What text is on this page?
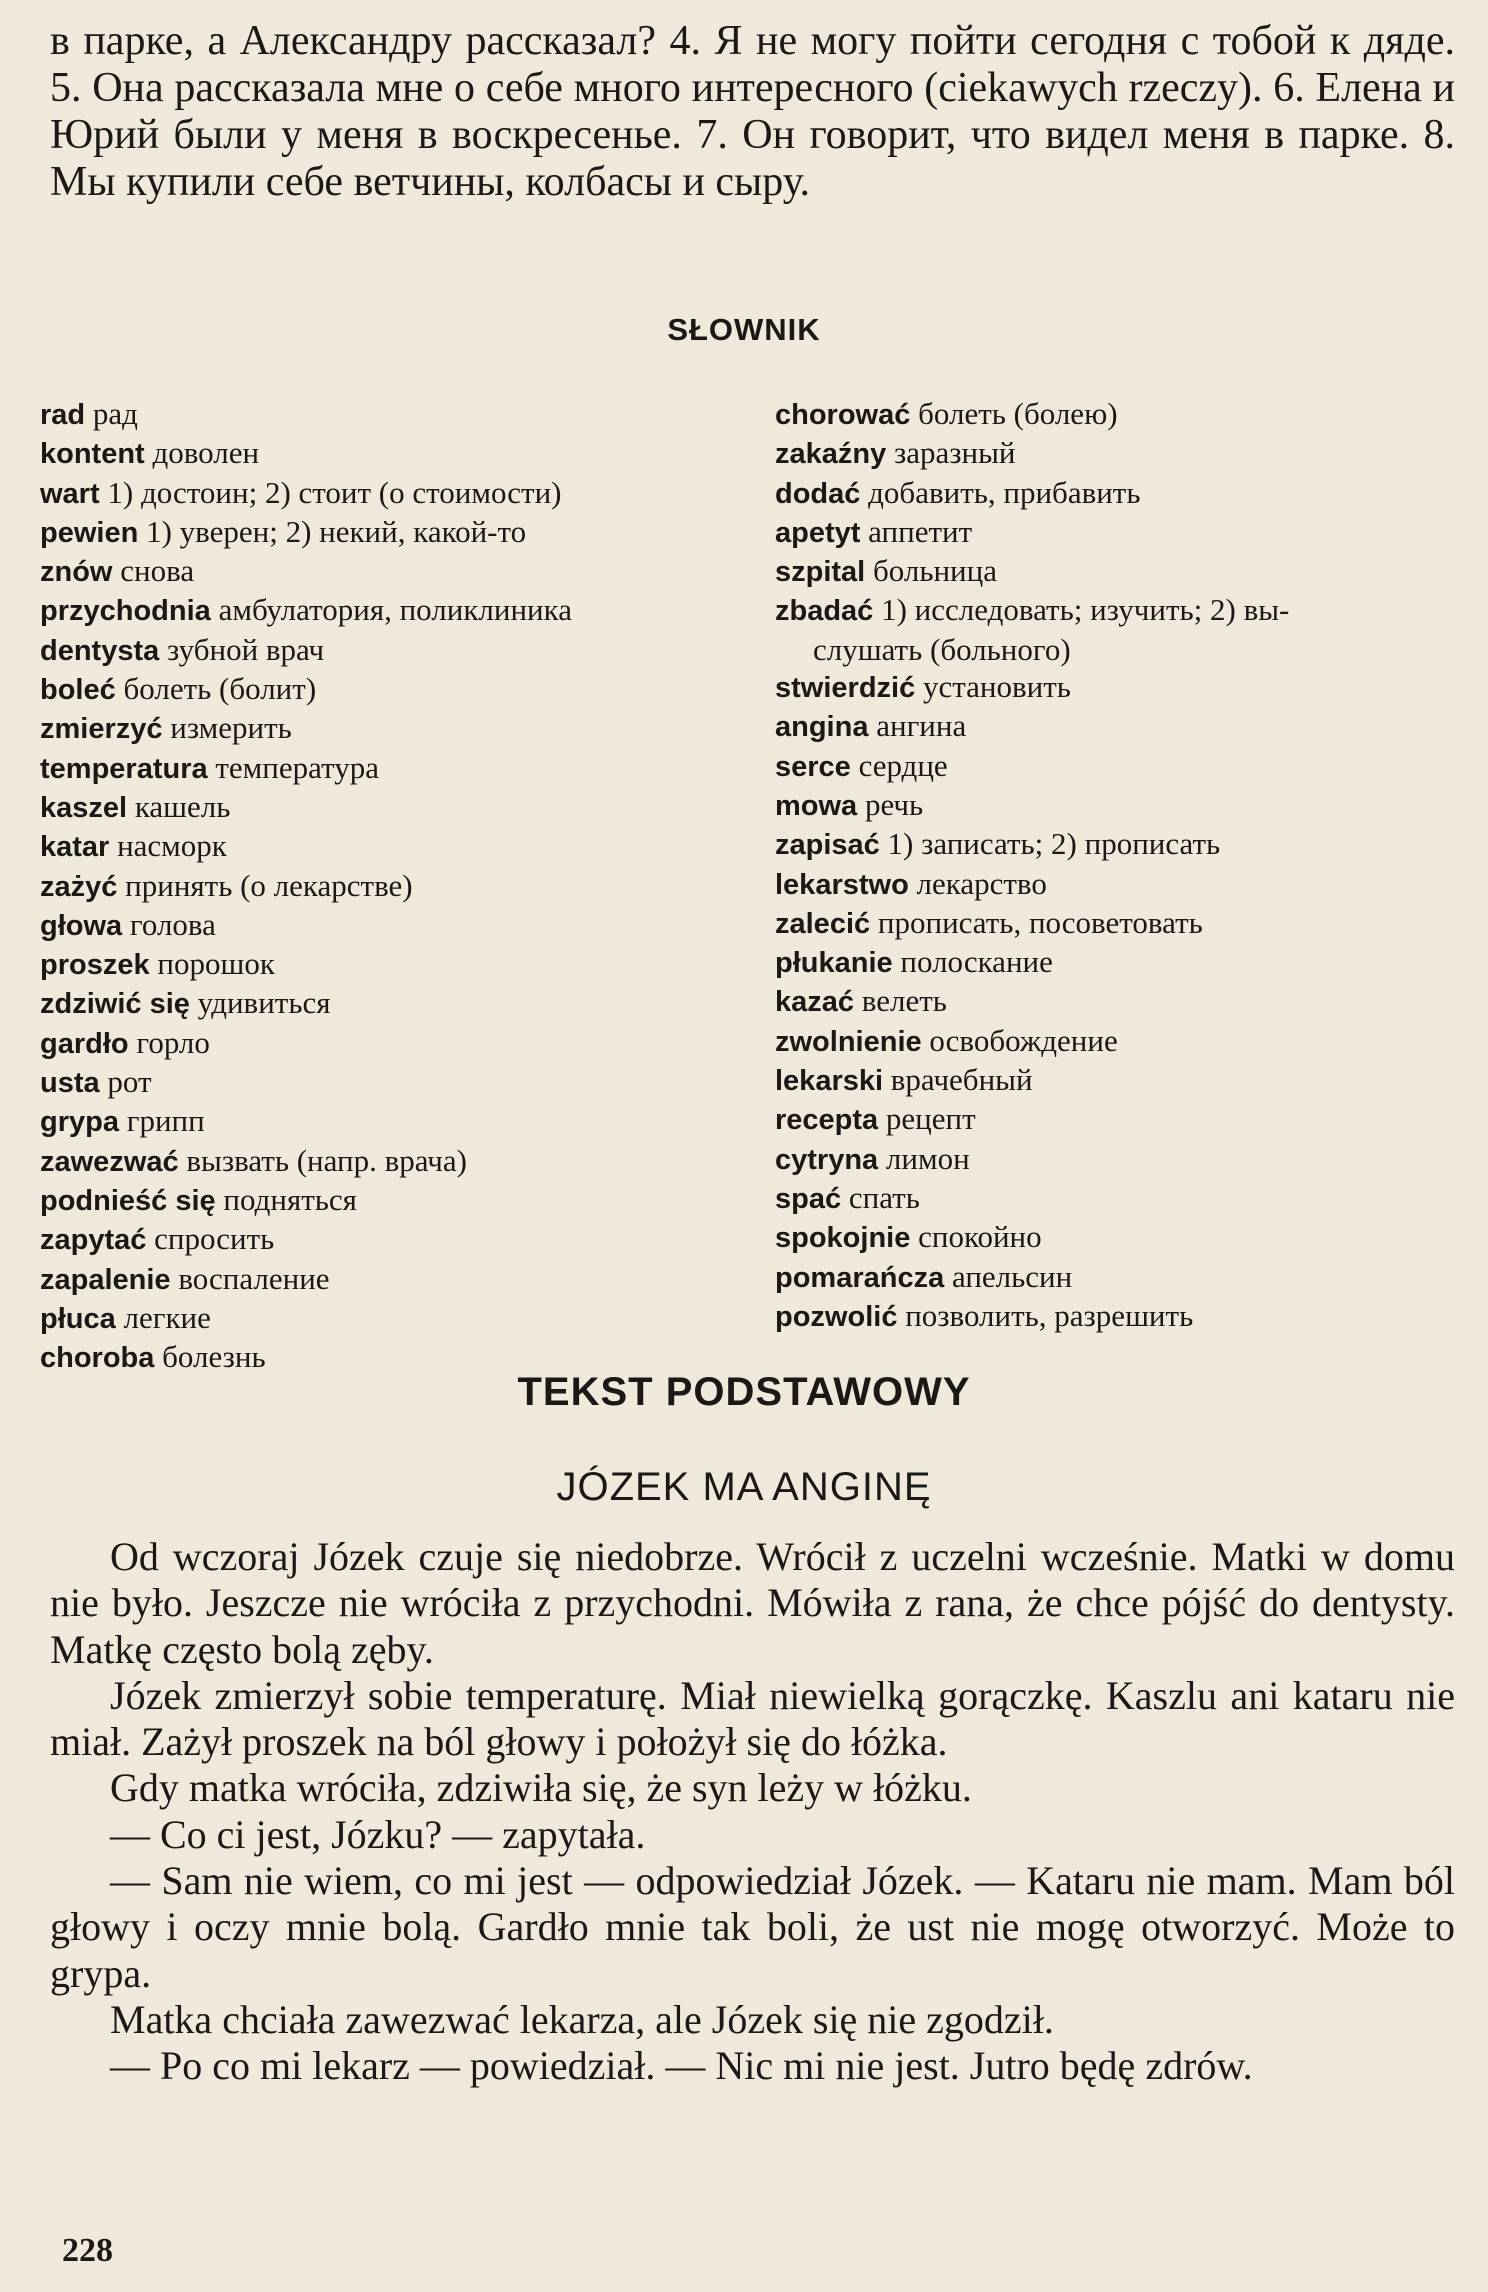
в парке, а Александру рассказал? 4. Я не могу пойти сегодня с тобой к дяде. 5. Она рассказала мне о себе много интересного (ciekawych rzeczy). 6. Елена и Юрий были у меня в воскресенье. 7. Он говорит, что видел меня в парке. 8. Мы купили себе ветчины, колбасы и сыру.

SŁOWNIK
rad рад
kontent доволен
wart 1) достоин; 2) стоит (о стоимости)
pewien 1) уверен; 2) некий, какой-то
znów снова
przychodnia амбулатория, поликлиника
dentysta зубной врач
boleć болеть (болит)
zmierzyć измерить
temperatura температура
kaszel кашель
katar насморк
zażyć принять (о лекарстве)
głowa голова
proszek порошок
zdziwić się удивиться
gardło горло
usta рот
grypa грипп
zawezwać вызвать (напр. врача)
podnieść się подняться
zapytać спросить
zapalenie воспаление
płuca легкие
choroba болезнь
chorować болеть (болею)
zakaźny заразный
dodać добавить, прибавить
apetyt аппетит
szpital больница
zbadać 1) исследовать; изучить; 2) вы-
слушать (больного)
stwierdzić установить
angina ангина
serce сердце
mowa речь
zapisać 1) записать; 2) прописать
lekarstwo лекарство
zalecić прописать, посоветовать
płukanie полоскание
kazać велеть
zwolnienie освобождение
lekarski врачебный
recepta рецепт
cytryna лимон
spać спать
spokojnie спокойно
pomarańcza апельсин
pozwolić позволить, разрешить
TEKST PODSTAWOWY
JÓZEK MA ANGINĘ

Od wczoraj Józek czuje się niedobrze. Wrócił z uczelni wcześnie. Matki w domu nie było. Jeszcze nie wróciła z przychodni. Mówiła z rana, że chce pójść do dentysty. Matkę często bolą zęby.

Józek zmierzył sobie temperaturę. Miał niewielką gorączkę. Kaszlu ani kataru nie miał. Zażył proszek na ból głowy i położył się do łóżka.

Gdy matka wróciła, zdziwiła się, że syn leży w łóżku.

— Co ci jest, Józku? — zapytała.

— Sam nie wiem, co mi jest — odpowiedział Józek. — Kataru nie mam. Mam ból głowy i oczy mnie bolą. Gardło mnie tak boli, że ust nie mogę otworzyć. Może to grypa.

Matka chciała zawezwać lekarza, ale Józek się nie zgodził.

— Po co mi lekarz — powiedział. — Nic mi nie jest. Jutro będę zdrów.

228
